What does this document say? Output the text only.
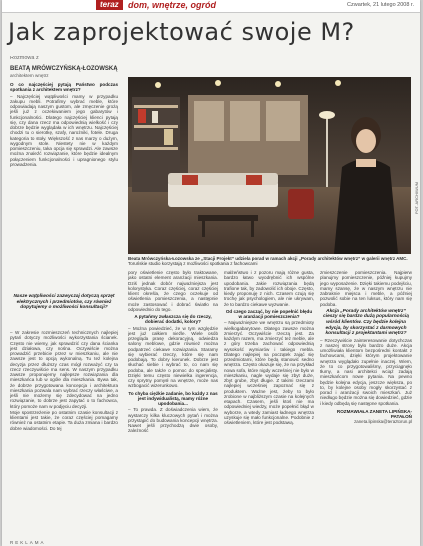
teraz	dom, wnętrze, ogród	Czwartek, 21 lutego 2008 r.
Jak zaprojektować swoje M?
Rozmowa z
BEATĄ MRÓWCZYŃSKĄ-ŁOZOWSKĄ
architektem wnętrz

O co najczęściej pytają Państwo podczas spotkania z architektem wnętrz?

– Najczęściej wątpliwości mamy w przypadku zakupu mebli. Potrafimy wybrać meble, które odpowiadają naszym gustom, ale zmęczenie grożą jeśli już z oczekiwaniem jego gabarytów i funkcjonalności. Dlatego najczęściej klienci pytają się, czy dana rzecz ma odpowiednią wielkość i czy dobrze będzie wyglądała w ich wnętrzu. Najczęściej chodzi tu o sierotkę, szafy, narożniki, fotele. Druga kategoria to stoły. Większość z nas marzy o dużym, wygodnym stole. Niestety nie w każdym pomieszczeniu, taka opcja się sprawdzi. Ale zawsze można znaleźć rozwiązanie, które będzie idealnym połączeniem funkcjonalności i upragnionego stylu prowadzenia.

Nasze wątpliwości zazwyczaj dotyczą sprzęt elektrycznych i przedmiotów, czy również dopytujemy o możliwości konsultacji?

– W zakresie rozmieszczeń technicznych najlepiej pytań dotyczy możliwości wykorzystania ścianek. Często nie wiemy, jak sprawdzić czy dana ścianka jest działowa, czy nośna. Oczywiście można prowadzić przebicie przez w mieszkaniu, ale nie zawsze jest to opcją wykonalną. Tu też kolejna decyzja przez dłuższy czas mógł rozważyć czy ta rzecz rzeczywiście ma sens. W naszym przypadku zawsze proponujemy najlepsze rozwiązania dla mieszkańca lub w ogóle dla mieszkania. Bywa tak, że dobrze przygotowana koncepcja i architektura mieszkania pozwala nam wybrać rzeczy właściwe, a jeśli nie możemy się zdecydować na jedno rozwiązanie, to dobrze jest zapytać o to fachowca, który pomoże nam w podjęciu decyzji.

Moje spostrzeżenie po ostatnim czasie konsultacji z klientami jest takie, że coraz częściej pomagamy również na ostatnim etapie. Ta duża zmiana i bardzo dobre wiadomości. Do tej

FOT. ARCHIWUM
Beata Mrówczyńska-Łozowska ze „Stacji Projekt” udziela porad w ramach akcji „Porady architektów wnętrz” w galerii wnętrz AMC. Toruńskie studio korzystają z możliwości spotkania z fachowcami

pory oświetlenie często było traktowane, jako ostatni element aranżacji mieszkania. Dziś jednak dobór najważniejsza jest kolorystyka. Coraz częściej, coraz częściej klient określa, że czego oczekuje od oświetlenia pomieszczenia, a następnie może zastosować i dobrać światło na odpowiednio do tego.

A pytańmy zwłaszcza się do rzeczy, dobierać dodatki, kolory?

– Można powiedzieć, że w tym względzie jest już całkiem nieźle. Wiele osób przegląda prasę dekoracyjną, odwiedza salony meblowe, gdzie również można podpatrzeć ciekawe rozwiązania. Staramy się wybierać rzeczy, które się nam podobają. To dobry kierunek. Dobrze jest słuchać siebie i wybrać to, co nam się podoba, ale także o pomoc do specjalisty. Dzięki temu często niewielka ingerencja, czy sprytny pomysł na wnętrze, może nas wzbogacić wizerunkowo.

To chyba ciężkie zadanie, bo każdy z nas jest indywidualistą, mamy różne upodobania...

– To prawda. Z doświadczenia wiem, że wystarczy kilka kluczowych pytań i można przystąpić do budowania koncepcji wnętrza. Nawet jeśli przychodzą dwie osoby, zależność

małżeństwo i z pozoru mają różne gusta, bardzo łatwo wyodrębnić ich wspólne upodobania. Jakie rozwiązania będą trafione tak, by zadowolić ich oboje. Często, kiedy proponuję z nich. Czasem czują się trochę jak psychologiem, ale nie ukrywam, że to bardzo ciekawe wyzwanie.

Od czego zacząć, by nie popełnić błędu w aranżacji pomieszczenia?

– Najważniejsze we wnętrzu są przedmioty wielkogabarytowe. Dlatego zawsze można zmierzyć. Oczywiście rzeczą jest. Za każdym razem, ma zmierzyć też meble, ale z góry trzeba zachować odpowiednią wysokość wymiarów i takiego mebla. Dlatego najlepiej na początek zająć się przedmiotami, które będą stanowić sedno wnętrza. Często okazuje się, że na przykład nowa sofa, które nigdy wcześniej nie było w mieszkaniu, nagle wydaje się zbyt duże, zbyt grube, zbyt długie. Z takimi rzeczami najlepiej wcześniej zapoznać się z produktem. Ważne jest, żeby to było zrobione w najbliższym czasie na kolejnych etapach. Czasem, jeśli ktoś nie ma odpowiedniej wiedzy, może popełnić błąd w wyborze, a wtedy zamiast ładnego wnętrza uzyskuje się mało funkcjonalne. Podobnie z oświetleniem, które jest podstawą.

zmieszczenie pomieszczenia. Najpierw planujmy pomieszczenie, później kupujmy jego wyposażenie. Dzięki takiemu podejściu, mamy szansę, że w naszym wnętrzu nie zabraknie miejsca i meble, a później pozwolić sobie na ten luksus, który nam się podoba.

Akcja „Porady architektów wnętrz” cieszy się bardzo dużą popularnością wśród klientów. Czy będzie kolejna edycja, by skorzystać z darmowych konsultacji z projektantami wnętrz?

– Rzeczywiście zainteresowanie dotychczas z naszej strony było bardzo duże. Akcja umożliwiała klientom bezpośredni kontakt z fachowcami, dzięki którym projektowanie wnętrza wyglądało zupełnie inaczej. Wiem, że to co przygotowaliśmy, przyciągnęło tłumy, a nasi architekci wciąż zadają mieszkańcom nowe pytania. Na pewno będzie kolejna edycja, jeszcze większa, po to, by kolejne osoby mogły skorzystać z porad i aranżacji swoich mieszkań. Już niedługo będzie można się dowiedzieć, gdzie i kiedy odbędą się następne spotkania.

ROZMAWIAŁA ZANETA LIPIŃSKA-PATAŁOŃ
zaneta.lipinska@teraztorun.pl
REKLAMA
